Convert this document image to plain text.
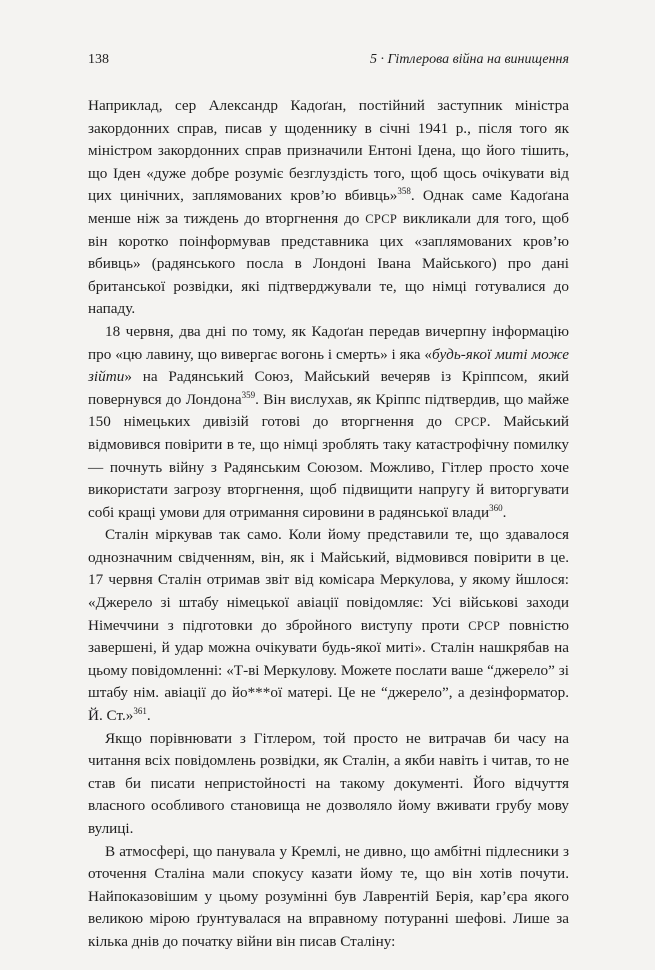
138	5 · Гітлерова війна на винищення

Наприклад, сер Александр Кадоґан, постійний заступник міністра закордонних справ, писав у щоденнику в січні 1941 р., після того як міністром закордонних справ призначили Ентоні Ідена, що його тішить, що Іден «дуже добре розуміє безглуздість того, щоб щось очікувати від цих цинічних, заплямованих кров’ю вбивць»$^{358}$. Однак саме Кадоґана менше ніж за тиждень до вторгнення до СРСР викликали для того, щоб він коротко поінформував представника цих «заплямованих кров’ю вбивць» (радянського посла в Лондоні Івана Майського) про дані британської розвідки, які підтверджували те, що німці готувалися до нападу.

18 червня, два дні по тому, як Кадоґан передав вичерпну інформацію про «цю лавину, що вивергає вогонь і смерть» і яка «будь-якої миті може зійти» на Радянський Союз, Майський вечеряв із Кріппсом, який повернувся до Лондона$^{359}$. Він вислухав, як Кріппс підтвердив, що майже 150 німецьких дивізій готові до вторгнення до СРСР. Майський відмовився повірити в те, що німці зроблять таку катастрофічну помилку — почнуть війну з Радянським Союзом. Можливо, Гітлер просто хоче використати загрозу вторгнення, щоб підвищити напругу й виторгувати собі кращі умови для отримання сировини в радянської влади$^{360}$.

Сталін міркував так само. Коли йому представили те, що здавалося однозначним свідченням, він, як і Майський, відмовився повірити в це. 17 червня Сталін отримав звіт від комісара Меркулова, у якому йшлося: «Джерело зі штабу німецької авіації повідомляє: Усі військові заходи Німеччини з підготовки до збройного виступу проти СРСР повністю завершені, й удар можна очікувати будь-якої миті». Сталін нашкрябав на цьому повідомленні: «Т-ві Меркулову. Можете послати ваше “джерело” зі штабу нім. авіації до йо***ої матері. Це не “джерело”, а дезінформатор. Й. Ст.»$^{361}$.

Якщо порівнювати з Гітлером, той просто не витрачав би часу на читання всіх повідомлень розвідки, як Сталін, а якби навіть і читав, то не став би писати непристойності на такому документі. Його відчуття власного особливого становища не дозволяло йому вживати грубу мову вулиці.

В атмосфері, що панувала у Кремлі, не дивно, що амбітні підлесники з оточення Сталіна мали спокусу казати йому те, що він хотів почути. Найпоказовішим у цьому розумінні був Лаврентій Берія, кар’єра якого великою мірою ґрунтувалася на вправному потуранні шефові. Лише за кілька днів до початку війни він писав Сталіну:
